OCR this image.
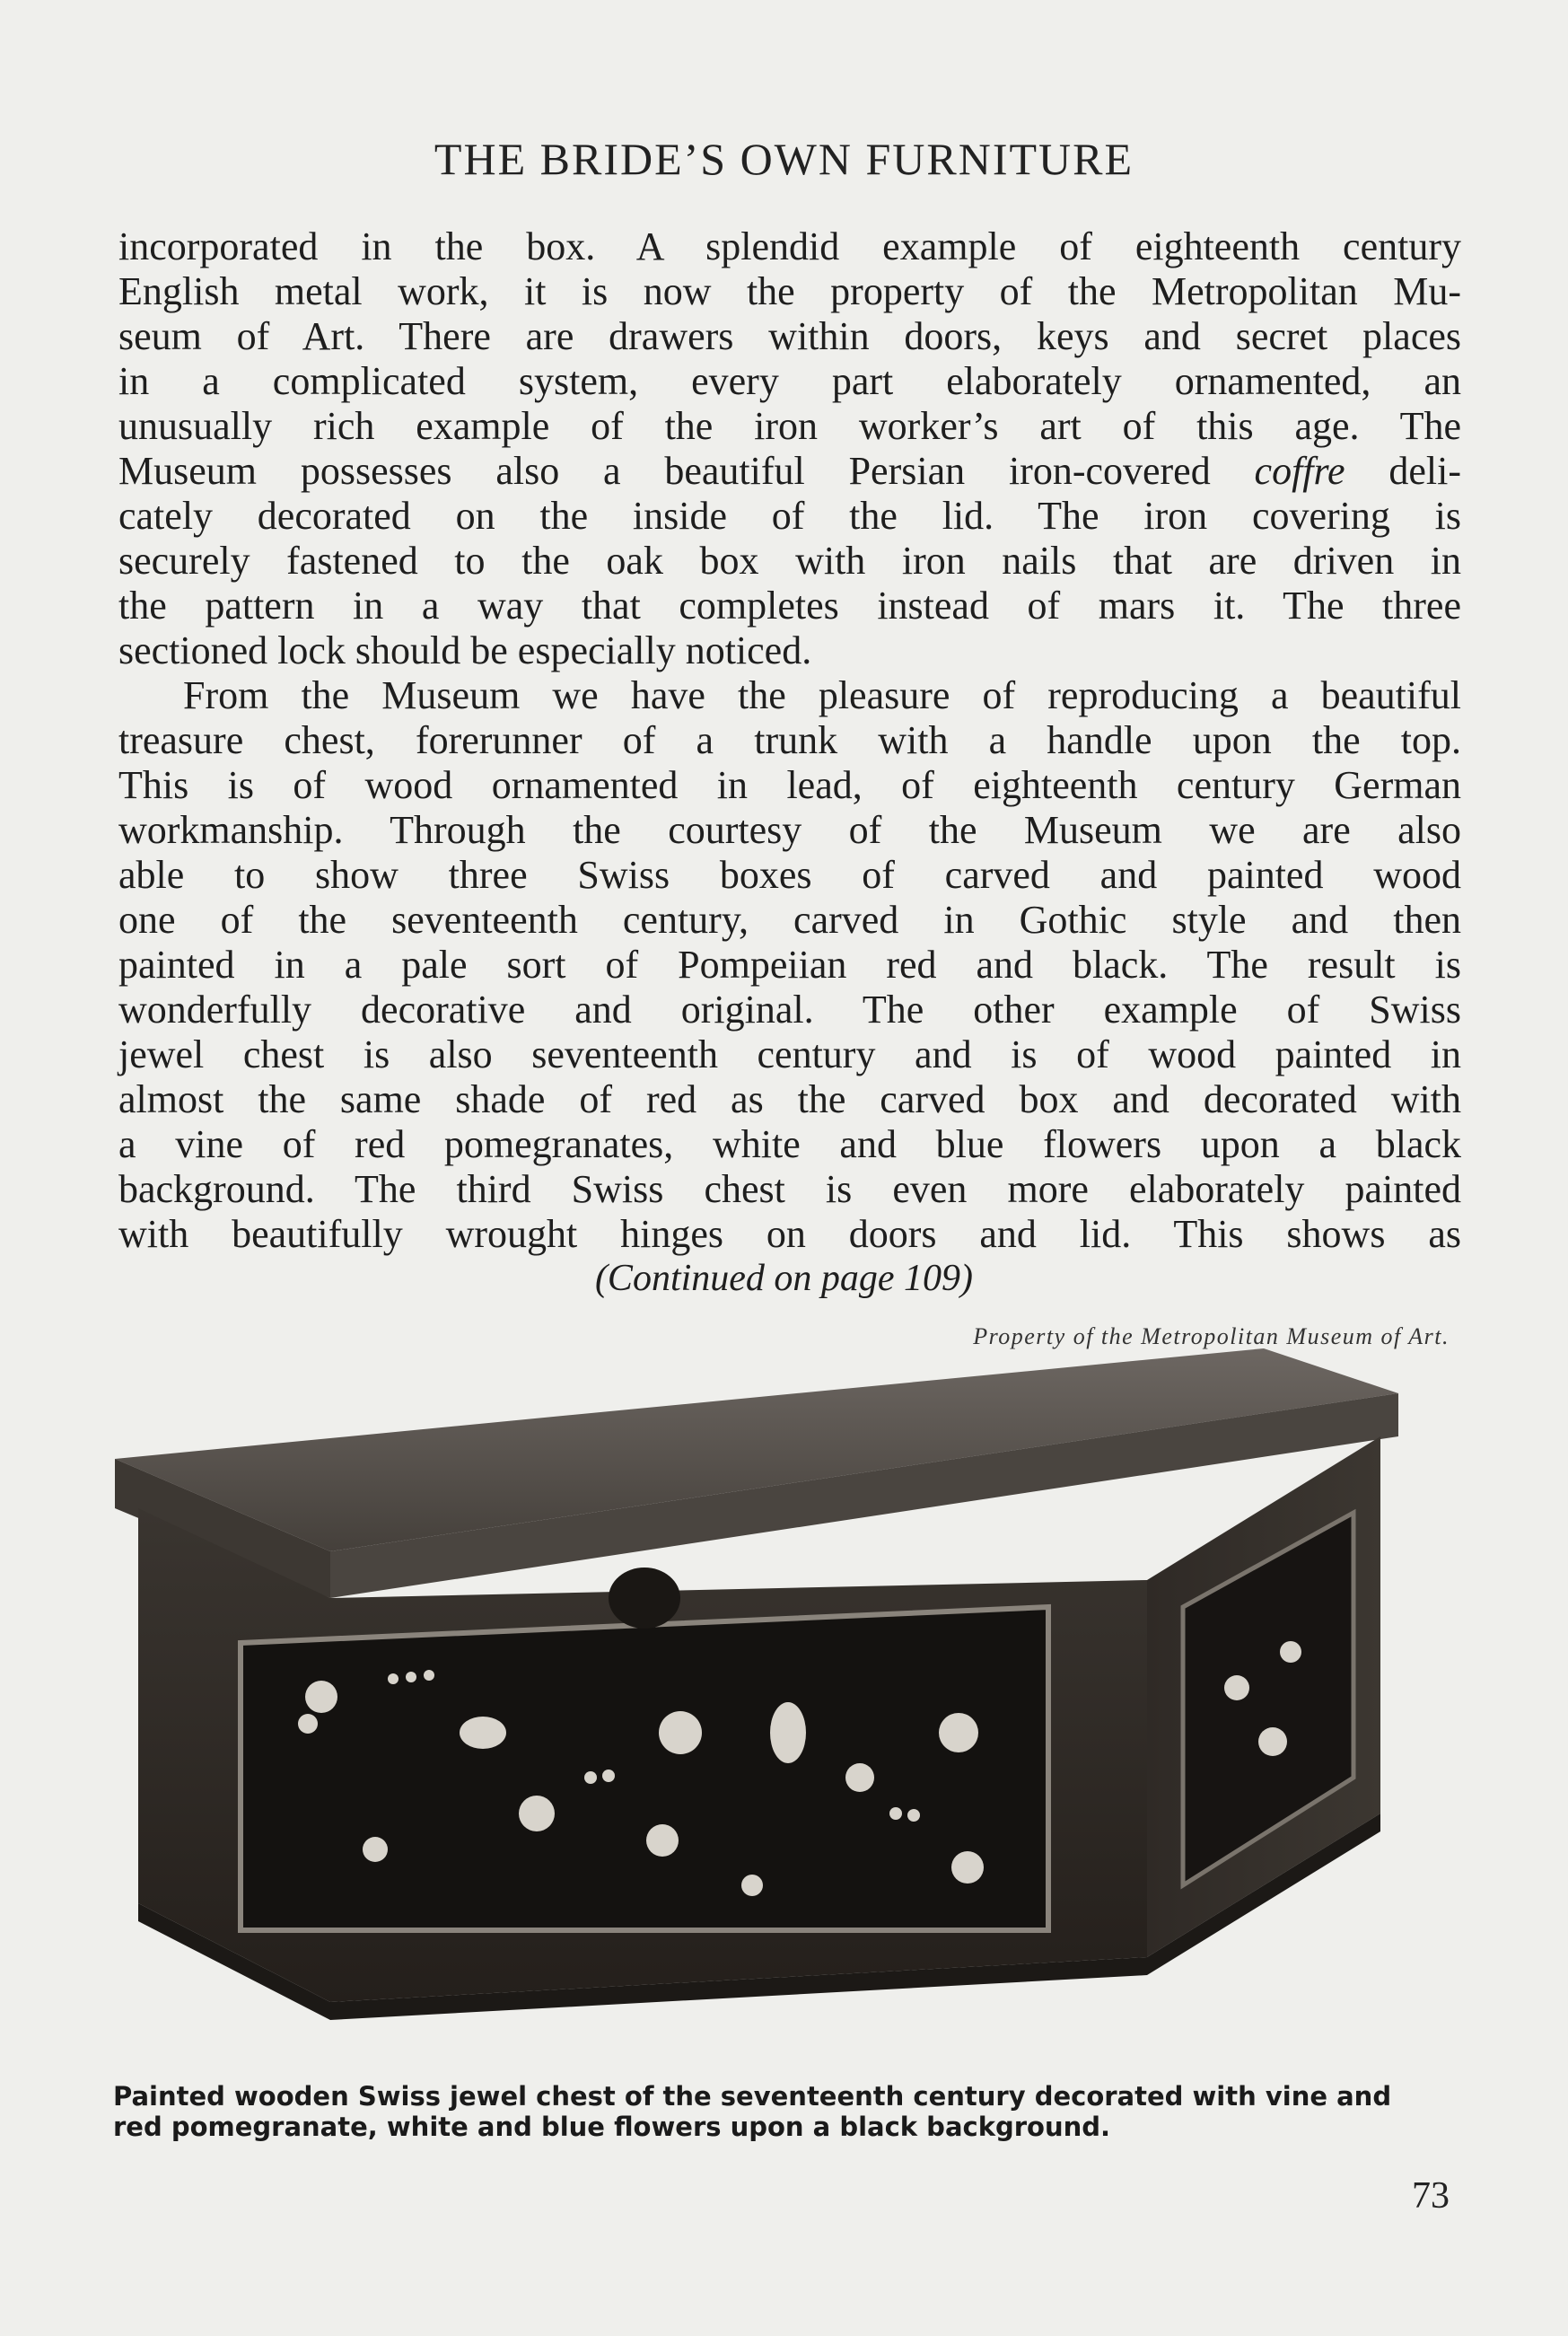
THE BRIDE’S OWN FURNITURE
incorporated in the box. A splendid example of eighteenth century
English metal work, it is now the property of the Metropolitan Mu-
seum of Art. There are drawers within doors, keys and secret places
in a complicated system, every part elaborately ornamented, an
unusually rich example of the iron worker’s art of this age. The
Museum possesses also a beautiful Persian iron-covered coffre deli-
cately decorated on the inside of the lid. The iron covering is
securely fastened to the oak box with iron nails that are driven in
the pattern in a way that completes instead of mars it. The three
sectioned lock should be especially noticed.
From the Museum we have the pleasure of reproducing a beautiful
treasure chest, forerunner of a trunk with a handle upon the top.
This is of wood ornamented in lead, of eighteenth century German
workmanship. Through the courtesy of the Museum we are also
able to show three Swiss boxes of carved and painted wood
one of the seventeenth century, carved in Gothic style and then
painted in a pale sort of Pompeiian red and black. The result is
wonderfully decorative and original. The other example of Swiss
jewel chest is also seventeenth century and is of wood painted in
almost the same shade of red as the carved box and decorated with
a vine of red pomegranates, white and blue flowers upon a black
background. The third Swiss chest is even more elaborately painted
with beautifully wrought hinges on doors and lid. This shows as
(Continued on page 109)
Property of the Metropolitan Museum of Art.
Painted wooden Swiss jewel chest of the seventeenth century decorated with vine and
red pomegranate, white and blue flowers upon a black background.
73
